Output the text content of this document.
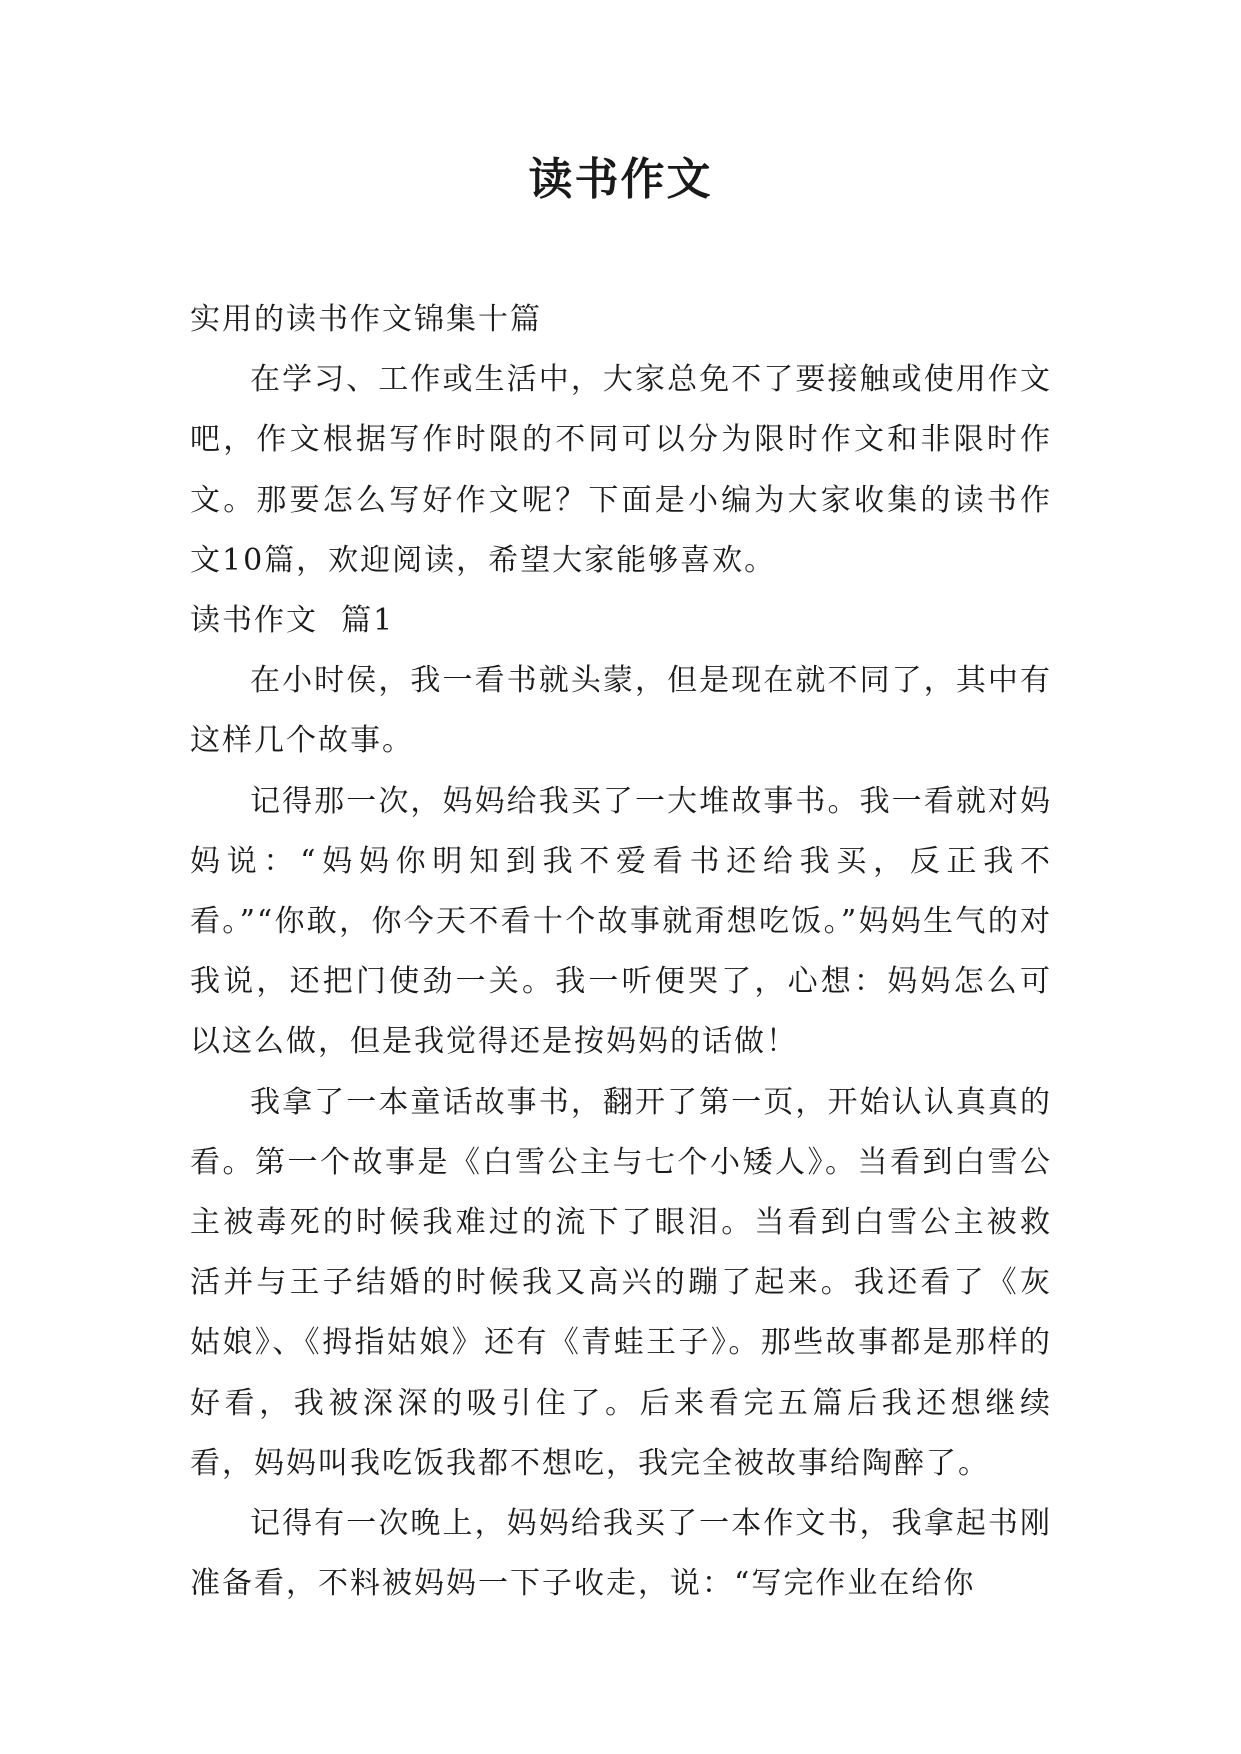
读书作文

实用的读书作文锦集十篇

在学习、工作或生活中，大家总免不了要接触或使用作文吧，作文根据写作时限的不同可以分为限时作文和非限时作文。那要怎么写好作文呢？下面是小编为大家收集的读书作文10篇，欢迎阅读，希望大家能够喜欢。

读书作文  篇1

在小时侯，我一看书就头蒙，但是现在就不同了，其中有这样几个故事。

记得那一次，妈妈给我买了一大堆故事书。我一看就对妈妈说：“妈妈你明知到我不爱看书还给我买，反正我不看。”“你敢，你今天不看十个故事就甭想吃饭。”妈妈生气的对我说，还把门使劲一关。我一听便哭了，心想：妈妈怎么可以这么做，但是我觉得还是按妈妈的话做！

我拿了一本童话故事书，翻开了第一页，开始认认真真的看。第一个故事是《白雪公主与七个小矮人》。当看到白雪公主被毒死的时候我难过的流下了眼泪。当看到白雪公主被救活并与王子结婚的时候我又高兴的蹦了起来。我还看了《灰姑娘》、《拇指姑娘》还有《青蛙王子》。那些故事都是那样的好看，我被深深的吸引住了。后来看完五篇后我还想继续看，妈妈叫我吃饭我都不想吃，我完全被故事给陶醉了。

记得有一次晚上，妈妈给我买了一本作文书，我拿起书刚准备看，不料被妈妈一下子收走，说：“写完作业在给你
